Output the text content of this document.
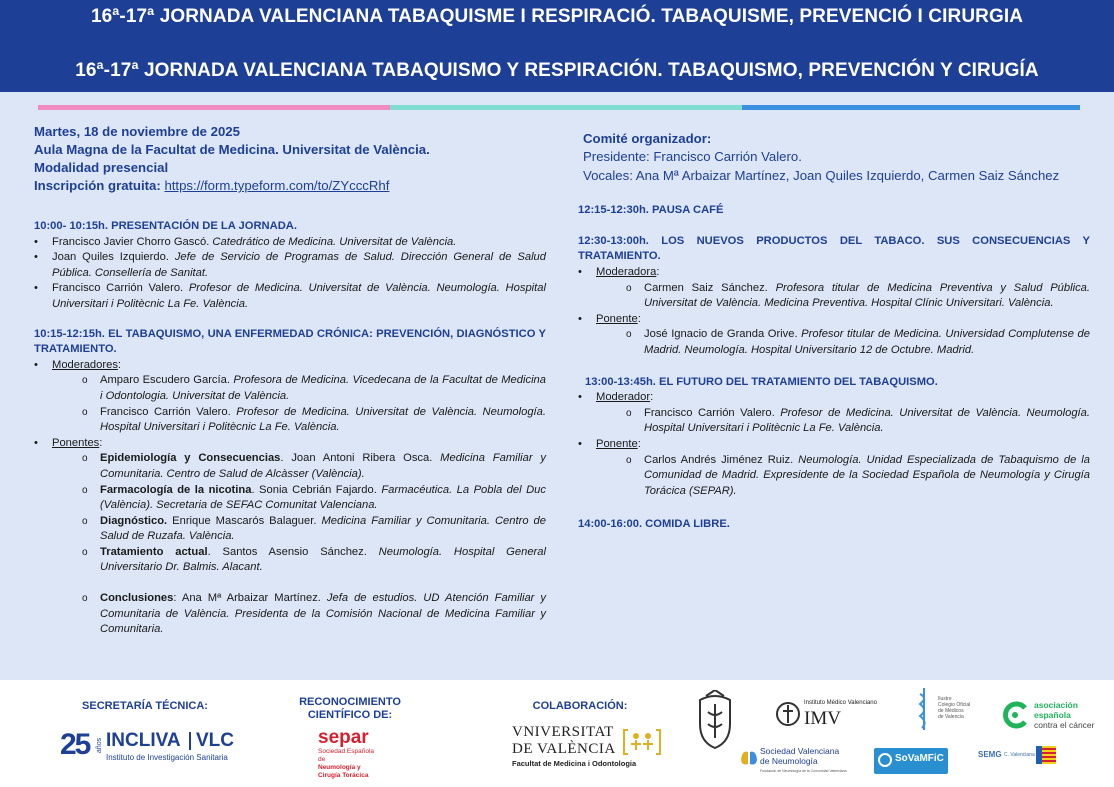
16ª-17ª JORNADA VALENCIANA TABAQUISME I RESPIRACIÓ. TABAQUISME, PREVENCIÓ I CIRURGIA
16ª-17ª JORNADA VALENCIANA TABAQUISMO Y RESPIRACIÓN. TABAQUISMO, PREVENCIÓN Y CIRUGÍA
Martes, 18 de noviembre de 2025
Aula Magna de la Facultat de Medicina. Universitat de València.
Modalidad presencial
Inscripción gratuita: https://form.typeform.com/to/ZYcccRhf
10:00- 10:15h. PRESENTACIÓN DE LA JORNADA.
• Francisco Javier Chorro Gascó. Catedrático de Medicina. Universitat de València.
• Joan Quiles Izquierdo. Jefe de Servicio de Programas de Salud. Dirección General de Salud Pública. Consellería de Sanitat.
• Francisco Carrión Valero. Profesor de Medicina. Universitat de València. Neumología. Hospital Universitari i Politècnic La Fe. València.
10:15-12:15h. EL TABAQUISMO, UNA ENFERMEDAD CRÓNICA: PREVENCIÓN, DIAGNÓSTICO Y TRATAMIENTO.
• Moderadores:
o Amparo Escudero García. Profesora de Medicina. Vicedecana de la Facultat de Medicina i Odontologia. Universitat de València.
o Francisco Carrión Valero. Profesor de Medicina. Universitat de València. Neumología. Hospital Universitari i Politècnic La Fe. València.
• Ponentes:
o Epidemiología y Consecuencias. Joan Antoni Ribera Osca. Medicina Familiar y Comunitaria. Centro de Salud de Alcàsser (València).
o Farmacología de la nicotina. Sonia Cebrián Fajardo. Farmacéutica. La Pobla del Duc (València). Secretaria de SEFAC Comunitat Valenciana.
o Diagnóstico. Enrique Mascarós Balaguer. Medicina Familiar y Comunitaria. Centro de Salud de Ruzafa. València.
o Tratamiento actual. Santos Asensio Sánchez. Neumología. Hospital General Universitario Dr. Balmis. Alacant.
o Conclusiones: Ana Mª Arbaizar Martínez. Jefa de estudios. UD Atención Familiar y Comunitaria de València. Presidenta de la Comisión Nacional de Medicina Familiar y Comunitaria.
Comité organizador:

Presidente: Francisco Carrión Valero.

Vocales: Ana Mª Arbaizar Martínez, Joan Quiles Izquierdo, Carmen Saiz Sánchez

12:15-12:30h. PAUSA CAFÉ
12:30-13:00h. LOS NUEVOS PRODUCTOS DEL TABACO. SUS CONSECUENCIAS Y TRATAMIENTO.
• Moderadora:
o Carmen Saiz Sánchez. Profesora titular de Medicina Preventiva y Salud Pública. Universitat de València. Medicina Preventiva. Hospital Clínic Universitari. València.
• Ponente:
o José Ignacio de Granda Orive. Profesor titular de Medicina. Universidad Complutense de Madrid. Neumología. Hospital Universitario 12 de Octubre. Madrid.
13:00-13:45h. EL FUTURO DEL TRATAMIENTO DEL TABAQUISMO.
• Moderador:
o Francisco Carrión Valero. Profesor de Medicina. Universitat de València. Neumología. Hospital Universitari i Politècnic La Fe. València.
• Ponente:
o Carlos Andrés Jiménez Ruiz. Neumología. Unidad Especializada de Tabaquismo de la Comunidad de Madrid. Expresidente de la Sociedad Española de Neumología y Cirugía Torácica (SEPAR).
14:00-16:00. COMIDA LIBRE.
SECRETARÍA TÉCNICA:	RECONOCIMIENTO CIENTÍFICO DE:
COLABORACIÓN:
25 años INCLIVA VLC
Instituto de Investigación Sanitaria
separ
Sociedad Española
de
Neumología y
Cirugía Torácica
VNIVERSITAT
DE VALÈNCIA
Facultat de Medicina i Odontologia
Instituto Médico Valenciano
IMV
Sociedad Valenciana
de Neumología
Fundación de Neumología de la Comunidad Valenciana
Ilustre
Colegio Oficial
de Médicos
de Valencia
SoVaMFiC
asociación
española
contra el cáncer
SEMG C. Valenciana
